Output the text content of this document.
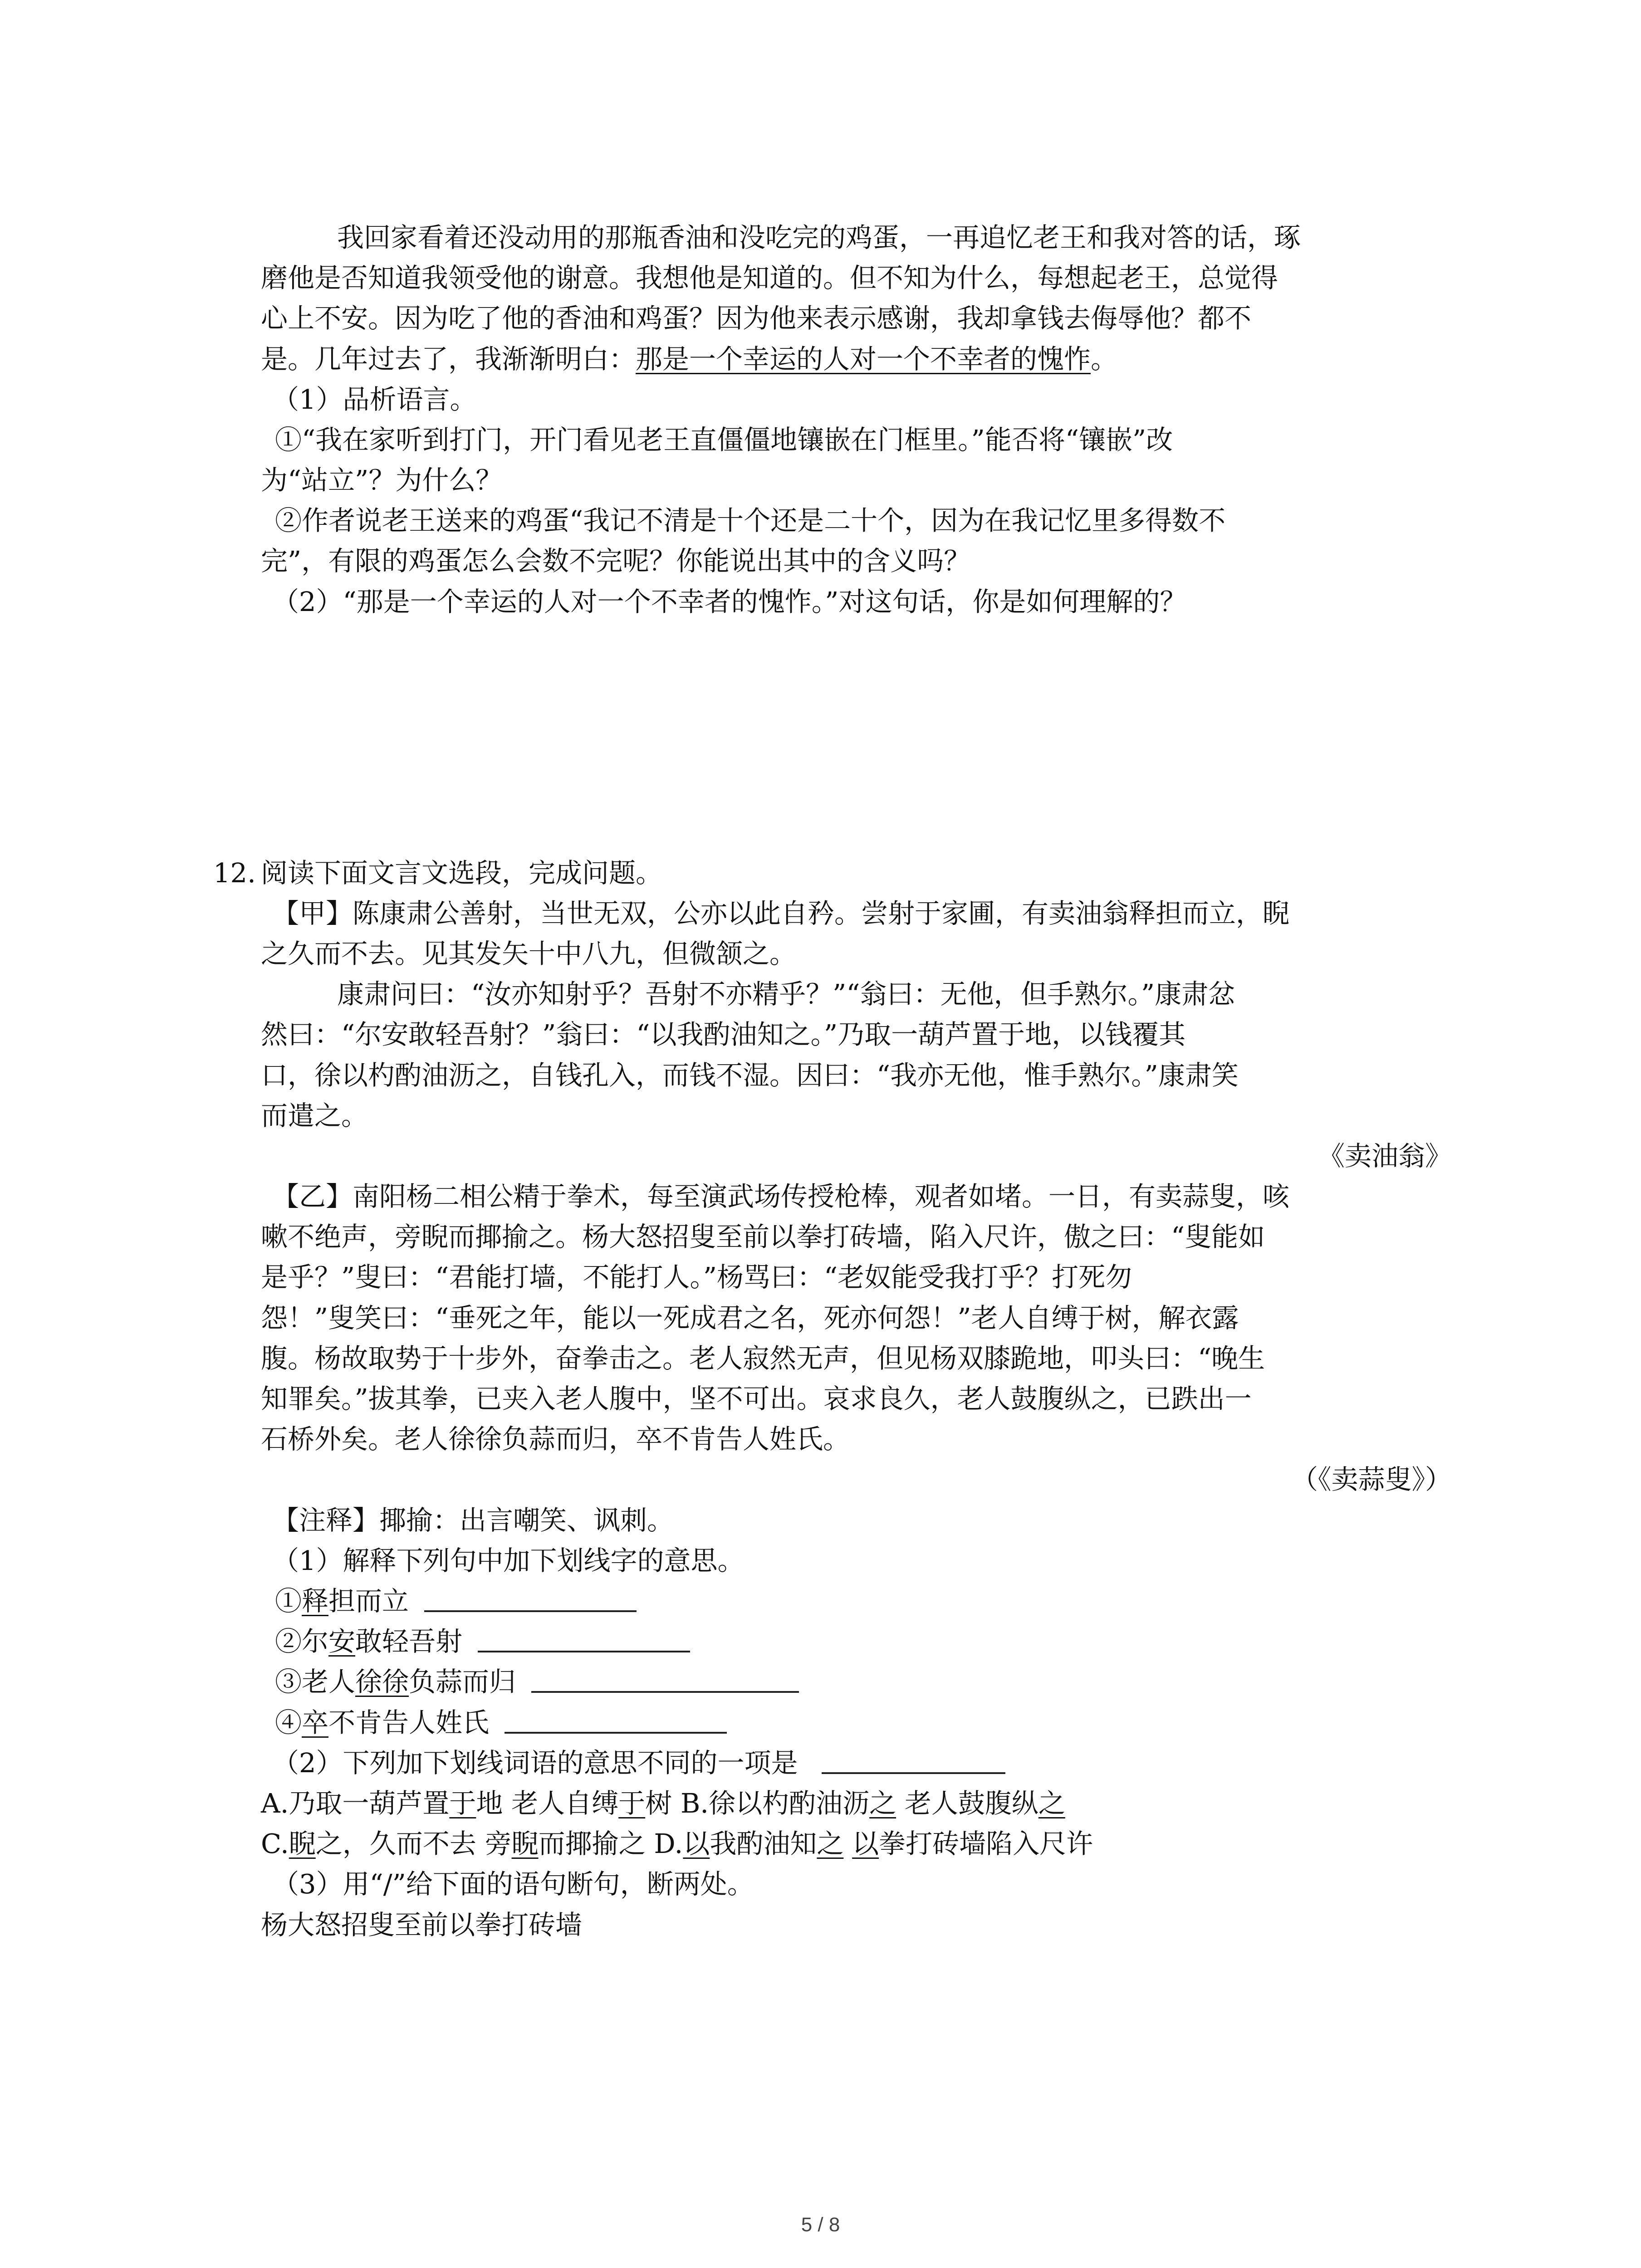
我回家看着还没动用的那瓶香油和没吃完的鸡蛋，一再追忆老王和我对答的话，琢
磨他是否知道我领受他的谢意。我想他是知道的。但不知为什么，每想起老王，总觉得
心上不安。因为吃了他的香油和鸡蛋？因为他来表示感谢，我却拿钱去侮辱他？都不
是。几年过去了，我渐渐明白：那是一个幸运的人对一个不幸者的愧怍。
（1）品析语言。
①“我在家听到打门，开门看见老王直僵僵地镶嵌在门框里。”能否将“镶嵌”改
为“站立”？为什么？
②作者说老王送来的鸡蛋“我记不清是十个还是二十个，因为在我记忆里多得数不
完”，有限的鸡蛋怎么会数不完呢？你能说出其中的含义吗？
（2）“那是一个幸运的人对一个不幸者的愧怍。”对这句话，你是如何理解的？
12. 阅读下面文言文选段，完成问题。
【甲】陈康肃公善射，当世无双，公亦以此自矜。尝射于家圃，有卖油翁释担而立，睨
之久而不去。见其发矢十中八九，但微颔之。
康肃问曰：“汝亦知射乎？吾射不亦精乎？”“翁曰：无他，但手熟尔。”康肃忿
然曰：“尔安敢轻吾射？”翁曰：“以我酌油知之。”乃取一葫芦置于地，以钱覆其
口，徐以杓酌油沥之，自钱孔入，而钱不湿。因曰：“我亦无他，惟手熟尔。”康肃笑
而遣之。
《卖油翁》
【乙】南阳杨二相公精于拳术，每至演武场传授枪棒，观者如堵。一日，有卖蒜叟，咳
嗽不绝声，旁睨而揶揄之。杨大怒招叟至前以拳打砖墙，陷入尺许，傲之曰：“叟能如
是乎？”叟曰：“君能打墙，不能打人。”杨骂曰：“老奴能受我打乎？打死勿
怨！”叟笑曰：“垂死之年，能以一死成君之名，死亦何怨！”老人自缚于树，解衣露
腹。杨故取势于十步外，奋拳击之。老人寂然无声，但见杨双膝跪地，叩头曰：“晚生
知罪矣。”拔其拳，已夹入老人腹中，坚不可出。哀求良久，老人鼓腹纵之，已跌出一
石桥外矣。老人徐徐负蒜而归，卒不肯告人姓氏。
（《卖蒜叟》）
【注释】揶揄：出言嘲笑、讽刺。
（1）解释下列句中加下划线字的意思。
①释担而立
②尔安敢轻吾射
③老人徐徐负蒜而归
④卒不肯告人姓氏
（2）下列加下划线词语的意思不同的一项是
A.乃取一葫芦置于地 老人自缚于树 B.徐以杓酌油沥之 老人鼓腹纵之
C.睨之，久而不去 旁睨而揶揄之 D.以我酌油知之 以拳打砖墙陷入尺许
（3）用“/”给下面的语句断句，断两处。
杨大怒招叟至前以拳打砖墙
5 / 8
